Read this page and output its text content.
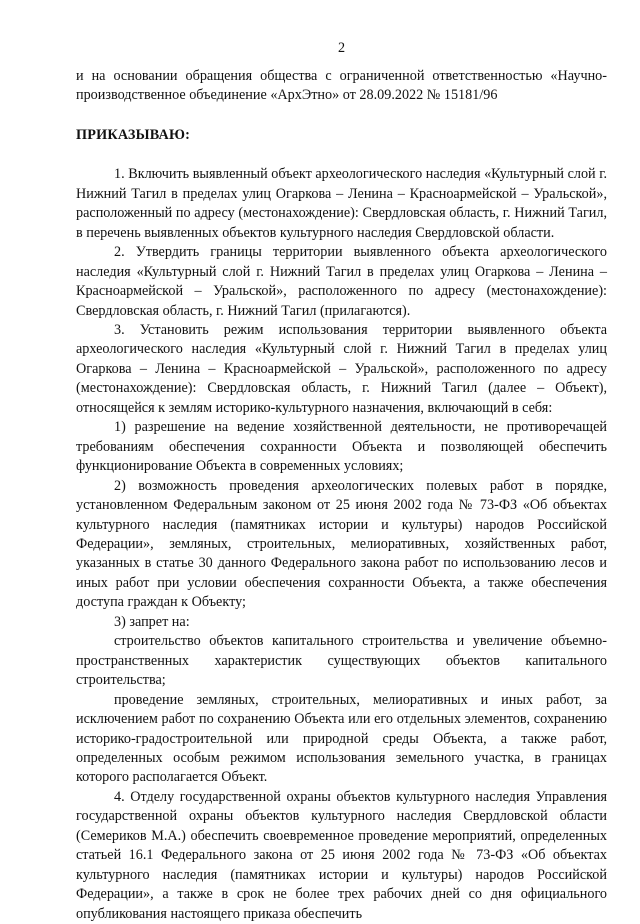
2

и на основании обращения общества с ограниченной ответственностью «Научно-производственное объединение «АрхЭтно» от 28.09.2022 № 15181/96

ПРИКАЗЫВАЮ:

1. Включить выявленный объект археологического наследия «Культурный слой г. Нижний Тагил в пределах улиц Огаркова – Ленина – Красноармейской – Уральской», расположенный по адресу (местонахождение): Свердловская область, г. Нижний Тагил, в перечень выявленных объектов культурного наследия Свердловской области.

2. Утвердить границы территории выявленного объекта археологического наследия «Культурный слой г. Нижний Тагил в пределах улиц Огаркова – Ленина – Красноармейской – Уральской», расположенного по адресу (местонахождение): Свердловская область, г. Нижний Тагил (прилагаются).

3. Установить режим использования территории выявленного объекта археологического наследия «Культурный слой г. Нижний Тагил в пределах улиц Огаркова – Ленина – Красноармейской – Уральской», расположенного по адресу (местонахождение): Свердловская область, г. Нижний Тагил (далее – Объект), относящейся к землям историко-культурного назначения, включающий в себя:

1) разрешение на ведение хозяйственной деятельности, не противоречащей требованиям обеспечения сохранности Объекта и позволяющей обеспечить функционирование Объекта в современных условиях;

2) возможность проведения археологических полевых работ в порядке, установленном Федеральным законом от 25 июня 2002 года № 73-ФЗ «Об объектах культурного наследия (памятниках истории и культуры) народов Российской Федерации», земляных, строительных, мелиоративных, хозяйственных работ, указанных в статье 30 данного Федерального закона работ по использованию лесов и иных работ при условии обеспечения сохранности Объекта, а также обеспечения доступа граждан к Объекту;

3) запрет на:

строительство объектов капитального строительства и увеличение объемно-пространственных характеристик существующих объектов капитального строительства;

проведение земляных, строительных, мелиоративных и иных работ, за исключением работ по сохранению Объекта или его отдельных элементов, сохранению историко-градостроительной или природной среды Объекта, а также работ, определенных особым режимом использования земельного участка, в границах которого располагается Объект.

4. Отделу государственной охраны объектов культурного наследия Управления государственной охраны объектов культурного наследия Свердловской области (Семериков М.А.) обеспечить своевременное проведение мероприятий, определенных статьей 16.1 Федерального закона от 25 июня 2002 года № 73-ФЗ «Об объектах культурного наследия (памятниках истории и культуры) народов Российской Федерации», а также в срок не более трех рабочих дней со дня официального опубликования настоящего приказа обеспечить
